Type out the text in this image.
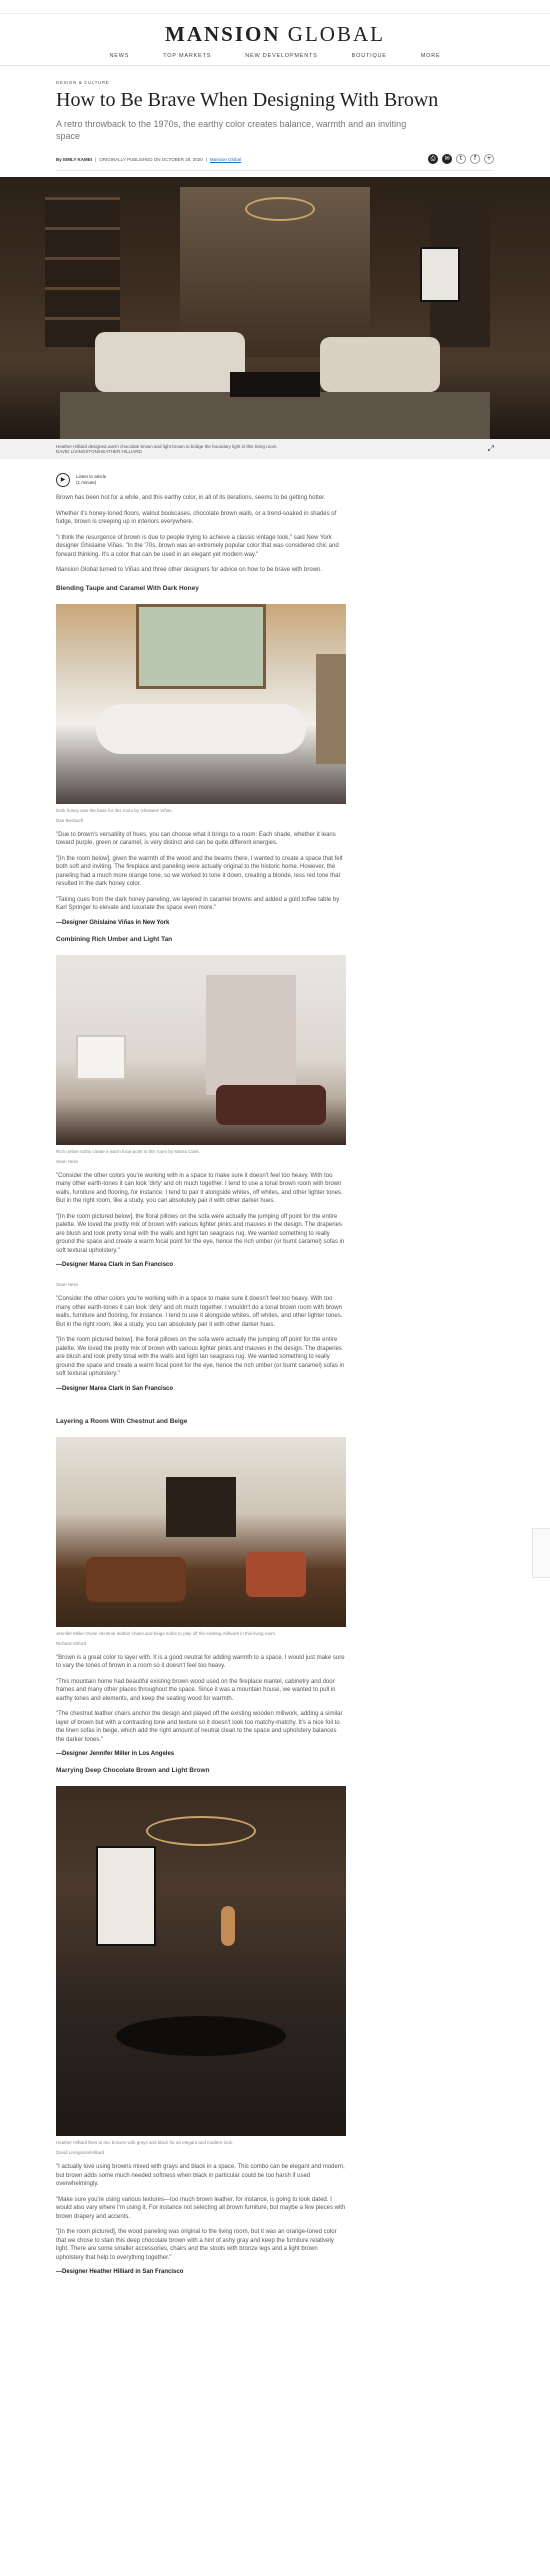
MANSION GLOBAL
NEWS	TOP MARKETS	NEW DEVELOPMENTS	BOUTIQUE	MORE
DESIGN & CULTURE
How to Be Brave When Designing With Brown
A retro throwback to the 1970s, the earthy color creates balance, warmth and an inviting space
By EMILY KAMEI | ORIGINALLY PUBLISHED ON OCTOBER 28, 2020 | Mansion Global	⎙	✉	t	f	+
Heather Hilliard designed warm chocolate brown and light brown to bridge the boundary light in this living room.
DAVID LIVINGSTON/HEATHER HILLIARD	⤢
▶
Listen to article
(1 minute)

Brown has been hot for a while, and this earthy color, in all of its iterations, seems to be getting hotter.

Whether it's honey-toned floors, walnut bookcases, chocolate brown walls, or a trend-soaked in shades of fudge, brown is creeping up in interiors everywhere.

"I think the resurgence of brown is due to people trying to achieve a classic vintage look," said New York designer Ghislaine Viñas. "In the '70s, brown was an extremely popular color that was considered chic and forward thinking. It's a color that can be used in an elegant yet modern way."

Mansion Global turned to Viñas and three other designers for advice on how to be brave with brown.

Blending Taupe and Caramel With Dark Honey
Dark honey was the base for this room by Ghislaine Viñas.
Dan Bierbach

"Due to brown's versatility of hues, you can choose what it brings to a room: Each shade, whether it leans toward purple, green or caramel, is very distinct and can be quite different energies.

"[In the room below], given the warmth of the wood and the beams there, I wanted to create a space that felt both soft and inviting. The fireplace and paneling were actually original to the historic home. However, the paneling had a much more orange tone, so we worked to tone it down, creating a blonde, less red tone that resulted in the dark honey color.

"Taking cues from the dark honey paneling, we layered in caramel browns and added a gold toffee table by Karl Springer to elevate and luxuriate the space even more."

—Designer Ghislaine Viñas in New York
Combining Rich Umber and Light Tan
Rich umber sofas create a warm focal point in this room by Marea Clark.
Sean Hess

"Consider the other colors you're working with in a space to make sure it doesn't feel too heavy. With too many other earth-tones it can look 'dirty' and oh much together. I tend to use a tonal brown room with brown walls, furniture and flooring, for instance. I tend to pair it alongside whites, off whites, and other lighter tones. But in the right room, like a study, you can absolutely pair it with other darker hues.

"[In the room pictured below], the floral pillows on the sofa were actually the jumping off point for the entire palette. We loved the pretty mix of brown with various lighter pinks and mauves in the design. The draperies are blush and look pretty tonal with the walls and light tan seagrass rug. We wanted something to really ground the space and create a warm focal point for the eye, hence the rich umber (or burnt caramel) sofas in soft textural upholstery."

—Designer Marea Clark in San Francisco
Sean Hess

"Consider the other colors you're working with in a space to make sure it doesn't feel too heavy. With too many other earth-tones it can look 'dirty' and oh much together. I wouldn't do a tonal brown room with brown walls, furniture and flooring, for instance. I tend to use it alongside whites, off whites, and other lighter tones. But in the right room, like a study, you can absolutely pair it with other darker hues.

"[In the room pictured below], the floral pillows on the sofa were actually the jumping off point for the entire palette. We loved the pretty mix of brown with various lighter pinks and mauves in the design. The draperies are blush and look pretty tonal with the walls and light tan seagrass rug. We wanted something to really ground the space and create a warm focal point for the eye, hence the rich umber (or burnt caramel) sofas in soft textural upholstery."

—Designer Marea Clark in San Francisco
Layering a Room With Chestnut and Beige
Jennifer Miller chose chestnut leather chairs and beige sofas to play off the existing millwork in this living room.
Richard Gilford

"Brown is a great color to layer with. It is a good neutral for adding warmth to a space. I would just make sure to vary the tones of brown in a room so it doesn't feel too heavy.

"This mountain home had beautiful existing brown wood used on the fireplace mantel, cabinetry and door frames and many other places throughout the space. Since it was a mountain house, we wanted to pull in earthy tones and elements, and keep the seating wood for warmth.

"The chestnut leather chairs anchor the design and played off the existing wooden millwork, adding a similar layer of brown but with a contrasting tone and texture so it doesn't look too matchy-matchy. It's a nice foil to the linen sofas in beige, which add the right amount of neutral clean to the space and upholstery balances the darker tones."

—Designer Jennifer Miller in Los Angeles
Marrying Deep Chocolate Brown and Light Brown
Heather Hilliard likes to mix browns with grays and black for an elegant and modern look.
David Livingston/Hilliard

"I actually love using browns mixed with grays and black in a space. This combo can be elegant and modern, but brown adds some much needed softness when black in particular could be too harsh if used overwhelmingly.

"Make sure you're using various textures—too much brown leather, for instance, is going to look dated. I would also vary where I'm using it. For instance not selecting all brown furniture, but maybe a few pieces with brown drapery and accents.

"[In the room pictured], the wood paneling was original to the living room, but it was an orange-toned color that we chose to stain this deep chocolate brown with a hint of ashy gray and keep the furniture relatively light. There are some smaller accessories, chairs and the stools with bronze legs and a light brown upholstery that help to everything together."

—Designer Heather Hilliard in San Francisco
